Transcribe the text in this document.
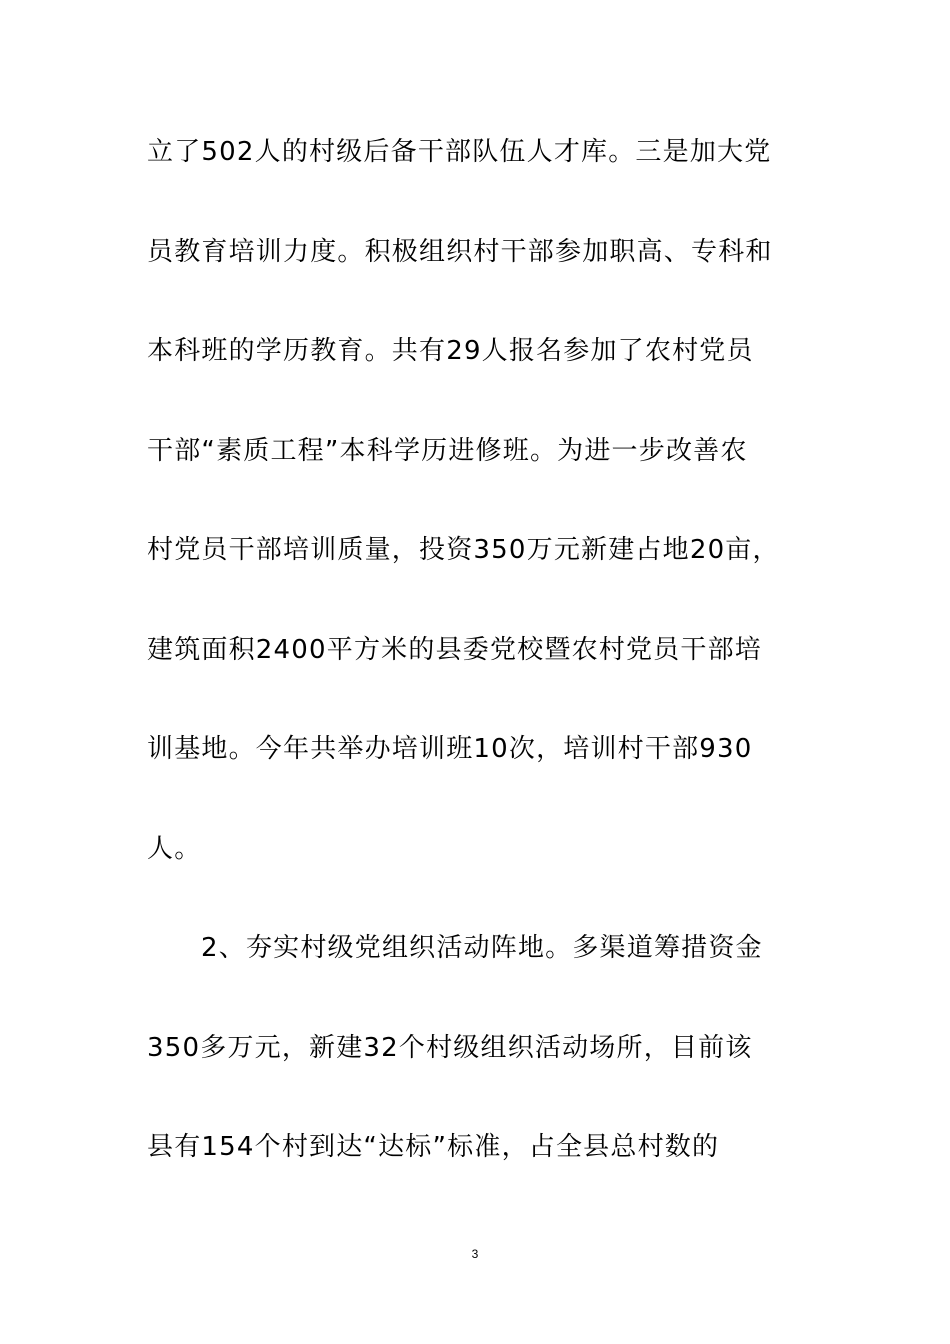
立了502人的村级后备干部队伍人才库。三是加大党
员教育培训力度。积极组织村干部参加职高、专科和
本科班的学历教育。共有29人报名参加了农村党员
干部“素质工程”本科学历进修班。为进一步改善农
村党员干部培训质量，投资350万元新建占地20亩，
建筑面积2400平方米的县委党校暨农村党员干部培
训基地。今年共举办培训班10次，培训村干部930
人。
2、夯实村级党组织活动阵地。多渠道筹措资金
350多万元，新建32个村级组织活动场所，目前该
县有154个村到达“达标”标准，占全县总村数的
3
